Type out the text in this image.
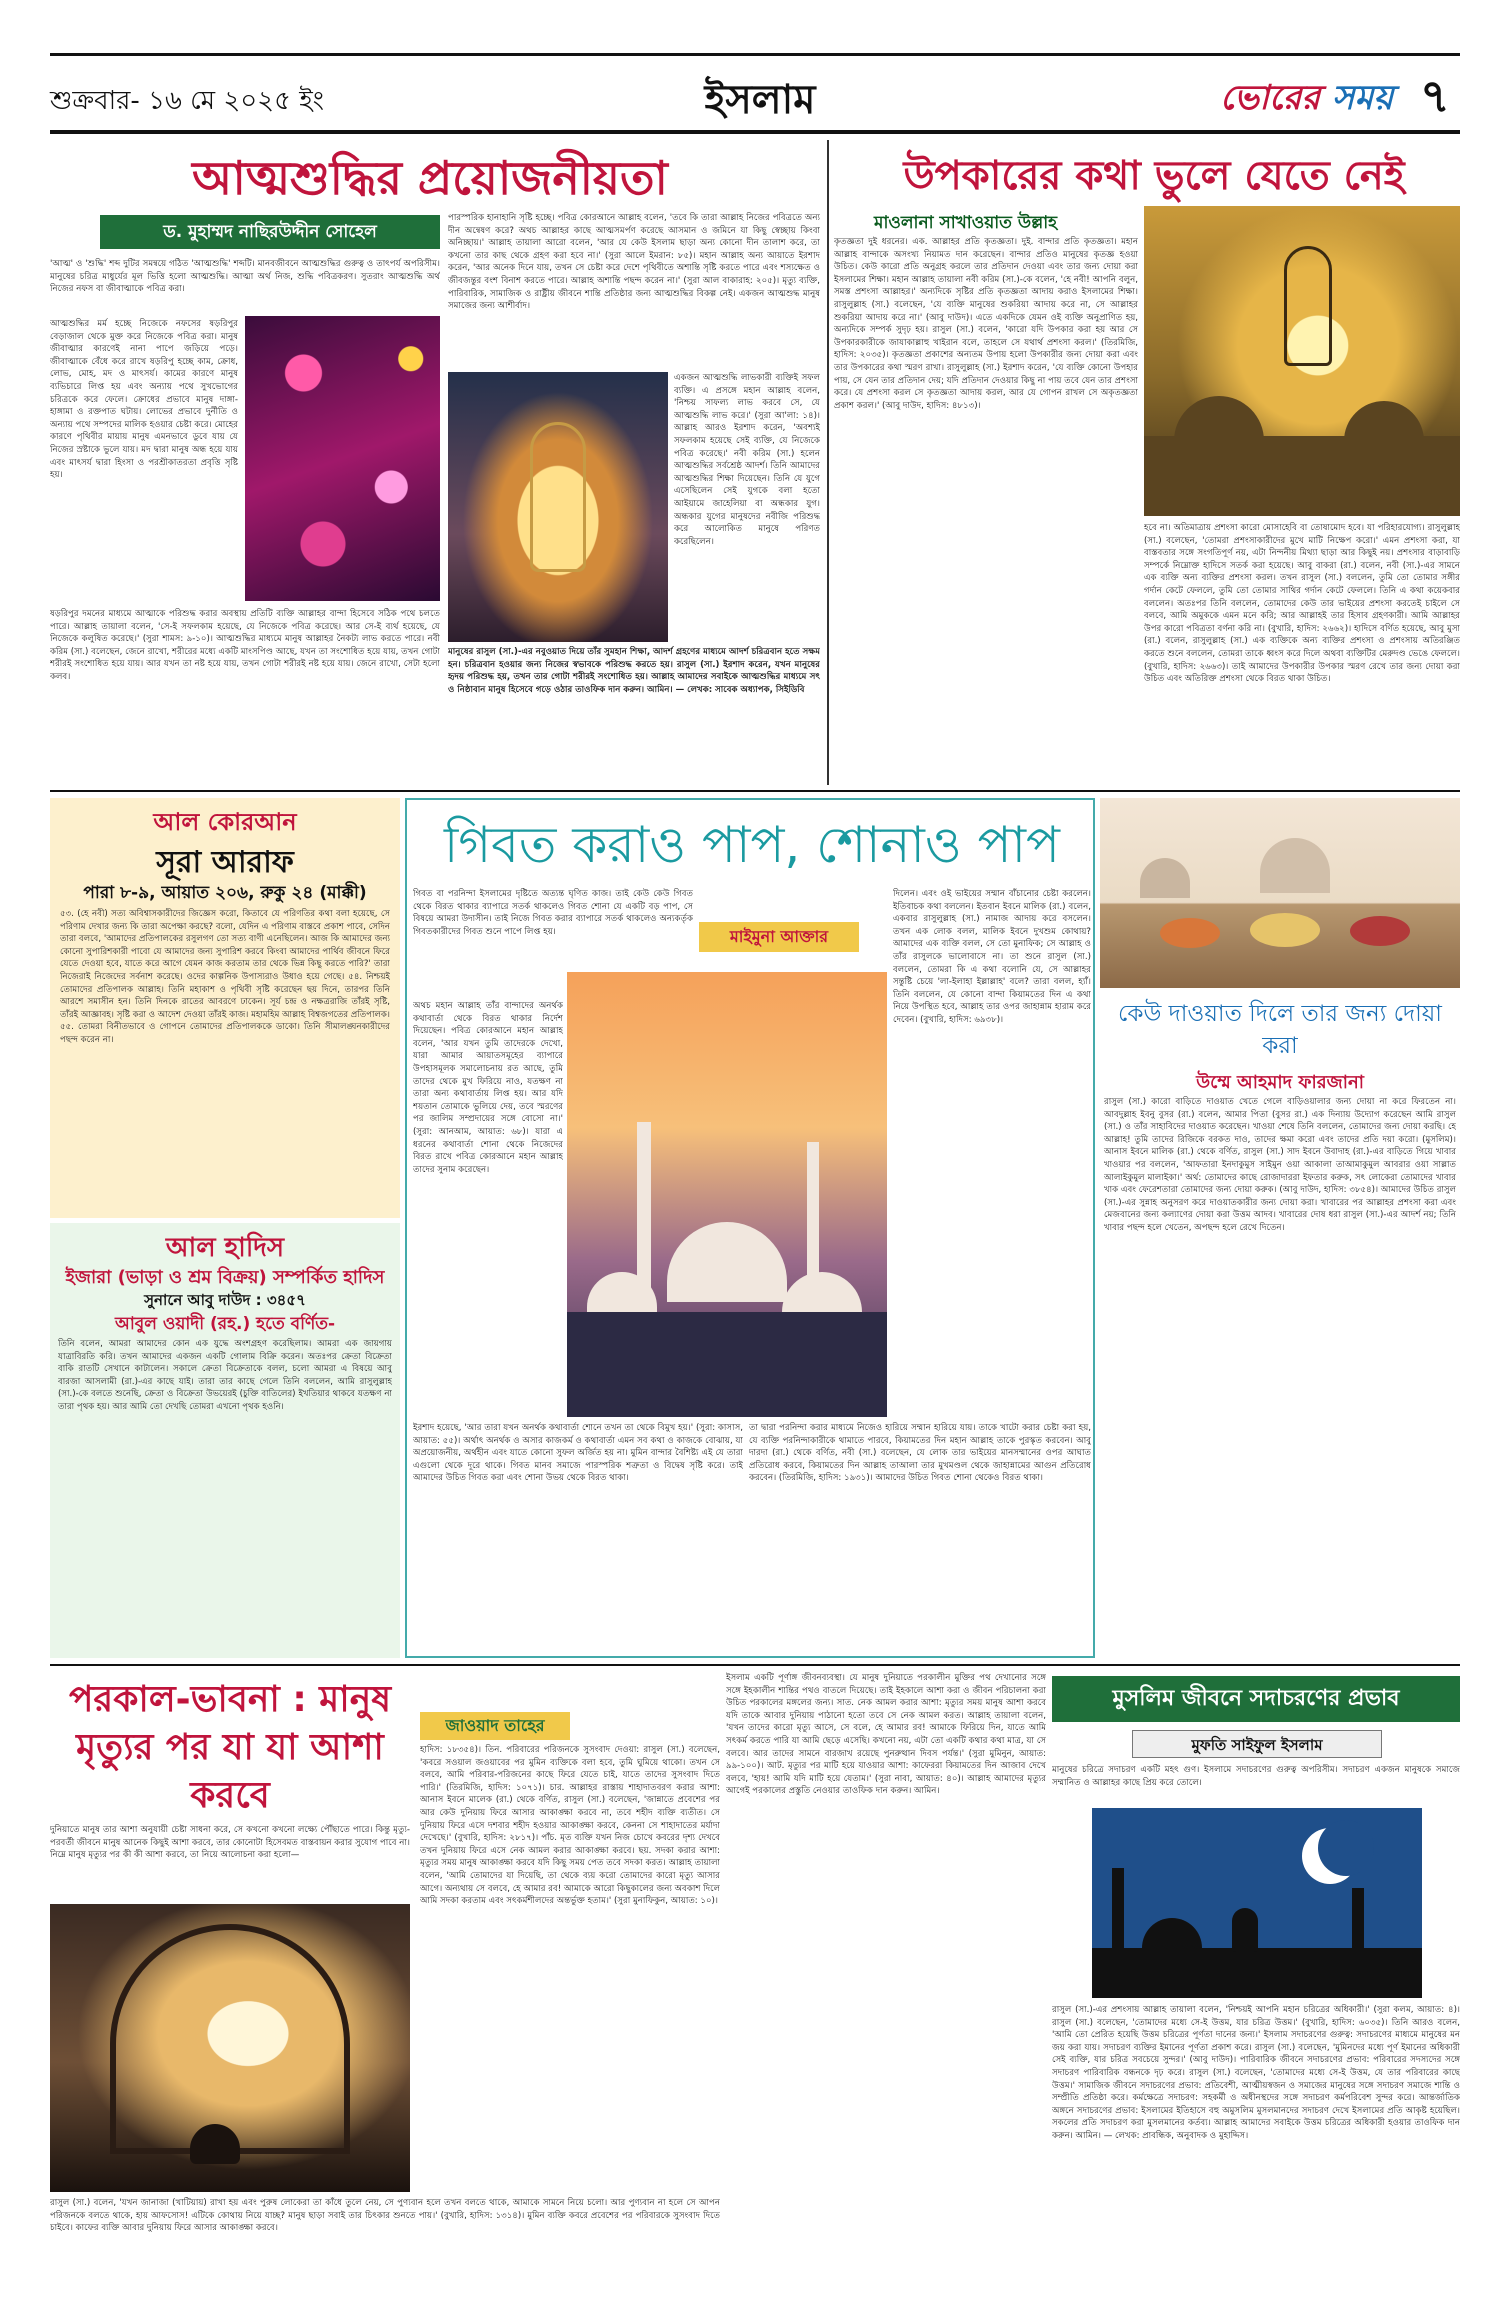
শুক্রবার- ১৬ মে ২০২৫ ইং	ইসলাম	ভোরের সময় ৭
আত্মশুদ্ধির প্রয়োজনীয়তা
ড. মুহাম্মদ নাছিরউদ্দীন সোহেল
'আত্ম' ও 'শুদ্ধি' শব্দ দুটির সমন্বয়ে গঠিত 'আত্মশুদ্ধি' শব্দটি। মানবজীবনে আত্মশুদ্ধির গুরুত্ব ও তাৎপর্য অপরিসীম। মানুষের চরিত্র মাধুর্যের মূল ভিত্তি হলো আত্মশুদ্ধি। আত্মা অর্থ নিজ, শুদ্ধি পবিত্রকরণ। সুতরাং আত্মশুদ্ধি অর্থ নিজের নফস বা জীবাত্মাকে পবিত্র করা।
আত্মশুদ্ধির মর্ম হচ্ছে নিজেকে নফসের ষড়রিপুর বেড়াজাল থেকে মুক্ত করে নিজেকে পবিত্র করা। মানুষ জীবাত্মার কারণেই নানা পাপে জড়িয়ে পড়ে। জীবাত্মাকে বেঁধে করে রাখে ষড়রিপু হচ্ছে কাম, ক্রোধ, লোভ, মোহ, মদ ও মাৎসর্য। কামের কারণে মানুষ ব্যভিচারে লিপ্ত হয় এবং অন্যায় পথে সুখভোগের চরিত্রকে করে ফেলে। ক্রোধের প্রভাবে মানুষ দাঙ্গা-হাঙ্গামা ও রক্তপাত ঘটায়। লোভের প্রভাবে দুর্নীতি ও অন্যায় পথে সম্পদের মালিক হওয়ার চেষ্টা করে। মোহের কারণে পৃথিবীর মায়ায় মানুষ এমনভাবে ডুবে যায় যে নিজের স্রষ্টাকে ভুলে যায়। মদ দ্বারা মানুষ অন্ধ হয়ে যায় এবং মাৎসর্য দ্বারা হিংসা ও পরশ্রীকাতরতা প্রবৃত্তি সৃষ্টি হয়।
ষড়রিপুর দমনের মাধ্যমে আত্মাকে পরিশুদ্ধ করার অবস্থায় প্রতিটি ব্যক্তি আল্লাহর বান্দা হিসেবে সঠিক পথে চলতে পারে। আল্লাহ তায়ালা বলেন, 'সে-ই সফলকাম হয়েছে, যে নিজেকে পবিত্র করেছে। আর সে-ই ব্যর্থ হয়েছে, যে নিজেকে কলুষিত করেছে।' (সুরা শামস: ৯-১০)। আত্মশুদ্ধির মাধ্যমে মানুষ আল্লাহর নৈকট্য লাভ করতে পারে। নবী করিম (সা.) বলেছেন, জেনে রাখো, শরীরের মধ্যে একটি মাংসপিণ্ড আছে, যখন তা সংশোধিত হয়ে যায়, তখন গোটা শরীরই সংশোধিত হয়ে যায়। আর যখন তা নষ্ট হয়ে যায়, তখন গোটা শরীরই নষ্ট হয়ে যায়। জেনে রাখো, সেটা হলো কলব।
পারস্পরিক হানাহানি সৃষ্টি হচ্ছে। পবিত্র কোরআনে আল্লাহ বলেন, 'তবে কি তারা আল্লাহ নিজের পবিত্রতে অন্য দীন অন্বেষণ করে? অথচ আল্লাহর কাছে আত্মসমর্পণ করেছে আসমান ও জমিনে যা কিছু স্বেচ্ছায় কিংবা অনিচ্ছায়।' আল্লাহ তায়ালা আরো বলেন, 'আর যে কেউ ইসলাম ছাড়া অন্য কোনো দীন তালাশ করে, তা কখনো তার কাছ থেকে গ্রহণ করা হবে না।' (সুরা আলে ইমরান: ৮৫)। মহান আল্লাহ অন্য আয়াতে ইরশাদ করেন, 'আর অনেক দিনে যায়, তখন সে চেষ্টা করে দেশে পৃথিবীতে অশান্তি সৃষ্টি করতে পারে এবং শস্যক্ষেত ও জীবজন্তুর বংশ বিনাশ করতে পারে। আল্লাহ অশান্তি পছন্দ করেন না।' (সুরা আল বাকারাহ: ২০৫)। মৃত্যু ব্যক্তি, পারিবারিক, সামাজিক ও রাষ্ট্রীয় জীবনে শান্তি প্রতিষ্ঠার জন্য আত্মশুদ্ধির বিকল্প নেই। একজন আত্মশুদ্ধ মানুষ সমাজের জন্য আশীর্বাদ।
একজন আত্মশুদ্ধি লাভকারী ব্যক্তিই সফল ব্যক্তি। এ প্রসঙ্গে মহান আল্লাহ বলেন, 'নিশ্চয় সাফল্য লাভ করবে সে, যে আত্মশুদ্ধি লাভ করে।' (সুরা আ'লা: ১৪)। আল্লাহ আরও ইরশাদ করেন, 'অবশ্যই সফলকাম হয়েছে সেই ব্যক্তি, যে নিজেকে পবিত্র করেছে।' নবী করিম (সা.) হলেন আত্মশুদ্ধির সর্বশ্রেষ্ঠ আদর্শ। তিনি আমাদের আত্মশুদ্ধির শিক্ষা দিয়েছেন। তিনি যে যুগে এসেছিলেন সেই যুগকে বলা হতো আইয়ামে জাহেলিয়া বা অন্ধকার যুগ। অন্ধকার যুগের মানুষদের নবীজি পরিশুদ্ধ করে আলোকিত মানুষে পরিণত করেছিলেন।
মানুষের রাসুল (সা.)-এর নবুওয়াত দিয়ে তাঁর সুমহান শিক্ষা, আদর্শ গ্রহণের মাধ্যমে আদর্শ চরিত্রবান হতে সক্ষম হন। চরিত্রবান হওয়ার জন্য নিজের স্বভাবকে পরিশুদ্ধ করতে হয়। রাসুল (সা.) ইরশাদ করেন, যখন মানুষের হৃদয় পরিশুদ্ধ হয়, তখন তার গোটা শরীরই সংশোধিত হয়। আল্লাহ আমাদের সবাইকে আত্মশুদ্ধির মাধ্যমে সৎ ও নিষ্ঠাবান মানুষ হিসেবে গড়ে ওঠার তাওফিক দান করুন। আমিন। — লেখক: সাবেক অধ্যাপক, সিইডিবি
উপকারের কথা ভুলে যেতে নেই
মাওলানা সাখাওয়াত উল্লাহ
কৃতজ্ঞতা দুই ধরনের। এক. আল্লাহর প্রতি কৃতজ্ঞতা। দুই. বান্দার প্রতি কৃতজ্ঞতা। মহান আল্লাহ বান্দাকে অসংখ্য নিয়ামত দান করেছেন। বান্দার প্রতিও মানুষের কৃতজ্ঞ হওয়া উচিত। কেউ কারো প্রতি অনুগ্রহ করলে তার প্রতিদান দেওয়া এবং তার জন্য দোয়া করা ইসলামের শিক্ষা। মহান আল্লাহ তায়ালা নবী করিম (সা.)-কে বলেন, 'হে নবী! আপনি বলুন, সমস্ত প্রশংসা আল্লাহর।' অন্যদিকে সৃষ্টির প্রতি কৃতজ্ঞতা আদায় করাও ইসলামের শিক্ষা। রাসুলুল্লাহ (সা.) বলেছেন, 'যে ব্যক্তি মানুষের শুকরিয়া আদায় করে না, সে আল্লাহর শুকরিয়া আদায় করে না।' (আবু দাউদ)। এতে একদিকে যেমন ওই ব্যক্তি অনুপ্রাণিত হয়, অন্যদিকে সম্পর্ক সুদৃঢ় হয়। রাসুল (সা.) বলেন, 'কারো যদি উপকার করা হয় আর সে উপকারকারীকে জাযাকাল্লাহু খাইরান বলে, তাহলে সে যথার্থ প্রশংসা করল।' (তিরমিজি, হাদিস: ২০৩৫)। কৃতজ্ঞতা প্রকাশের অন্যতম উপায় হলো উপকারীর জন্য দোয়া করা এবং তার উপকারের কথা স্মরণ রাখা। রাসুলুল্লাহ (সা.) ইরশাদ করেন, 'যে ব্যক্তি কোনো উপহার পায়, সে যেন তার প্রতিদান দেয়; যদি প্রতিদান দেওয়ার কিছু না পায় তবে যেন তার প্রশংসা করে। যে প্রশংসা করল সে কৃতজ্ঞতা আদায় করল, আর যে গোপন রাখল সে অকৃতজ্ঞতা প্রকাশ করল।' (আবু দাউদ, হাদিস: ৪৮১৩)।
হবে না। অতিমাত্রায় প্রশংসা কারো মোসাহেবি বা তোষামোদ হবে। যা পরিহারযোগ্য। রাসুলুল্লাহ (সা.) বলেছেন, 'তোমরা প্রশংসাকারীদের মুখে মাটি নিক্ষেপ করো।' এমন প্রশংসা করা, যা বাস্তবতার সঙ্গে সংগতিপূর্ণ নয়, এটা নিন্দনীয় মিথ্যা ছাড়া আর কিছুই নয়। প্রশংসার বাড়াবাড়ি সম্পর্কে নিম্নোক্ত হাদিসে সতর্ক করা হয়েছে। আবু বাকরা (রা.) বলেন, নবী (সা.)-এর সামনে এক ব্যক্তি অন্য ব্যক্তির প্রশংসা করল। তখন রাসুল (সা.) বললেন, তুমি তো তোমার সঙ্গীর গর্দান কেটে ফেললে, তুমি তো তোমার সাথির গর্দান কেটে ফেললে। তিনি এ কথা কয়েকবার বললেন। অতঃপর তিনি বললেন, তোমাদের কেউ তার ভাইয়ের প্রশংসা করতেই চাইলে সে বলবে, আমি অমুককে এমন মনে করি; আর আল্লাহই তার হিসাব গ্রহণকারী। আমি আল্লাহর উপর কারো পবিত্রতা বর্ণনা করি না। (বুখারি, হাদিস: ২৬৬২)। হাদিসে বর্ণিত হয়েছে, আবু মুসা (রা.) বলেন, রাসুলুল্লাহ (সা.) এক ব্যক্তিকে অন্য ব্যক্তির প্রশংসা ও প্রশংসায় অতিরঞ্জিত করতে শুনে বললেন, তোমরা তাকে ধ্বংস করে দিলে অথবা ব্যক্তিটির মেরুদণ্ড ভেঙে ফেললে। (বুখারি, হাদিস: ২৬৬৩)। তাই আমাদের উপকারীর উপকার স্মরণ রেখে তার জন্য দোয়া করা উচিত এবং অতিরিক্ত প্রশংসা থেকে বিরত থাকা উচিত।
আল কোরআন
সূরা আরাফ
পারা ৮-৯, আয়াত ২০৬, রুকু ২৪ (মাক্কী)
৫৩. (হে নবী) সত্য অবিশ্বাসকারীদের জিজ্ঞেস করো, কিতাবে যে পরিণতির কথা বলা হয়েছে, সে পরিণাম দেখার জন্য কি তারা অপেক্ষা করছে? বলো, যেদিন এ পরিণাম বাস্তবে প্রকাশ পাবে, সেদিন তারা বলবে, 'আমাদের প্রতিপালকের রসুলগণ তো সত্য বাণী এনেছিলেন। আজ কি আমাদের জন্য কোনো সুপারিশকারী পাবো যে আমাদের জন্য সুপারিশ করবে কিংবা আমাদের পার্থিব জীবনে ফিরে যেতে দেওয়া হবে, যাতে করে আগে যেমন কাজ করতাম তার থেকে ভিন্ন কিছু করতে পারি?' তারা নিজেরাই নিজেদের সর্বনাশ করেছে। ওদের কাল্পনিক উপাস্যরাও উধাও হয়ে গেছে। ৫৪. নিশ্চয়ই তোমাদের প্রতিপালক আল্লাহ। তিনি মহাকাশ ও পৃথিবী সৃষ্টি করেছেন ছয় দিনে, তারপর তিনি আরশে সমাসীন হন। তিনি দিনকে রাতের আবরণে ঢাকেন। সূর্য চন্দ্র ও নক্ষত্ররাজি তাঁরই সৃষ্টি, তাঁরই আজ্ঞাবহ। সৃষ্টি করা ও আদেশ দেওয়া তাঁরই কাজ। মহামহিম আল্লাহ বিশ্বজগতের প্রতিপালক। ৫৫. তোমরা বিনীতভাবে ও গোপনে তোমাদের প্রতিপালককে ডাকো। তিনি সীমালঙ্ঘনকারীদের পছন্দ করেন না।
আল হাদিস
ইজারা (ভাড়া ও শ্রম বিক্রয়) সম্পর্কিত হাদিস
সুনানে আবু দাউদ : ৩৪৫৭
আবুল ওয়াদী (রহ.) হতে বর্ণিত-
তিনি বলেন, আমরা আমাদের কোন এক যুদ্ধে অংশগ্রহণ করেছিলাম। আমরা এক জায়গায় যাত্রাবিরতি করি। তখন আমাদের একজন একটি গোলাম বিক্রি করেন। অতঃপর ক্রেতা বিক্রেতা বাকি রাতটি সেখানে কাটালেন। সকালে ক্রেতা বিক্রেতাকে বলল, চলো আমরা এ বিষয়ে আবু বারজা আসলামী (রা.)-এর কাছে যাই। তারা তার কাছে গেলে তিনি বললেন, আমি রাসুলুল্লাহ (সা.)-কে বলতে শুনেছি, ক্রেতা ও বিক্রেতা উভয়েরই (চুক্তি বাতিলের) ইখতিয়ার থাকবে যতক্ষণ না তারা পৃথক হয়। আর আমি তো দেখছি তোমরা এখনো পৃথক হওনি।
গিবত করাও পাপ, শোনাও পাপ
গিবত বা পরনিন্দা ইসলামের দৃষ্টিতে অত্যন্ত ঘৃণিত কাজ। তাই কেউ কেউ গিবত থেকে বিরত থাকার ব্যাপারে সতর্ক থাকলেও গিবত শোনা যে একটি বড় পাপ, সে বিষয়ে আমরা উদাসীন। তাই নিজে গিবত করার ব্যাপারে সতর্ক থাকলেও অন্যকর্তৃক গিবতকারীদের গিবত শুনে পাপে লিপ্ত হয়।	মাইমুনা আক্তার
অথচ মহান আল্লাহ তাঁর বান্দাদের অনর্থক কথাবার্তা থেকে বিরত থাকার নির্দেশ দিয়েছেন। পবিত্র কোরআনে মহান আল্লাহ বলেন, 'আর যখন তুমি তাদেরকে দেখো, যারা আমার আয়াতসমূহের ব্যাপারে উপহাসমূলক সমালোচনায় রত আছে, তুমি তাদের থেকে মুখ ফিরিয়ে নাও, যতক্ষণ না তারা অন্য কথাবার্তায় লিপ্ত হয়। আর যদি শয়তান তোমাকে ভুলিয়ে দেয়, তবে স্মরণের পর জালিম সম্প্রদায়ের সঙ্গে বোসো না।' (সুরা: আনআম, আয়াত: ৬৮)। যারা এ ধরনের কথাবার্তা শোনা থেকে নিজেদের বিরত রাখে পবিত্র কোরআনে মহান আল্লাহ তাদের সুনাম করেছেন।
দিলেন। এবং ওই ভাইয়ের সম্মান বাঁচানোর চেষ্টা করলেন। ইতিবাচক কথা বললেন। ইতবান ইবনে মালিক (রা.) বলেন, একবার রাসুলুল্লাহ (সা.) নামাজ আদায় করে বসলেন। তখন এক লোক বলল, মালিক ইবনে দুখশুম কোথায়? আমাদের এক ব্যক্তি বলল, সে তো মুনাফিক; সে আল্লাহ ও তাঁর রাসুলকে ভালোবাসে না। তা শুনে রাসুল (সা.) বললেন, তোমরা কি এ কথা বলোনি যে, সে আল্লাহর সন্তুষ্টি চেয়ে 'লা-ইলাহা ইল্লাল্লাহ' বলে? তারা বলল, হ্যাঁ। তিনি বললেন, যে কোনো বান্দা কিয়ামতের দিন এ কথা নিয়ে উপস্থিত হবে, আল্লাহ তার ওপর জাহান্নাম হারাম করে দেবেন। (বুখারি, হাদিস: ৬৯৩৮)।
ইরশাদ হয়েছে, 'আর তারা যখন অনর্থক কথাবার্তা শোনে তখন তা থেকে বিমুখ হয়।' (সুরা: কাসাস, আয়াত: ৫৫)। অর্থাৎ অনর্থক ও অসার কাজকর্ম ও কথাবার্তা এমন সব কথা ও কাজকে বোঝায়, যা অপ্রয়োজনীয়, অর্থহীন এবং যাতে কোনো সুফল অর্জিত হয় না। মুমিন বান্দার বৈশিষ্ট্য এই যে তারা এগুলো থেকে দূরে থাকে। গিবত মানব সমাজে পারস্পরিক শত্রুতা ও বিদ্বেষ সৃষ্টি করে। তাই আমাদের উচিত গিবত করা এবং শোনা উভয় থেকে বিরত থাকা।
তা দ্বারা পরনিন্দা করার মাধ্যমে নিজেও হারিয়ে সম্মান হারিয়ে যায়। তাকে খাটো করার চেষ্টা করা হয়, যে ব্যক্তি পরনিন্দাকারীকে থামাতে পারবে, কিয়ামতের দিন মহান আল্লাহ তাকে পুরস্কৃত করবেন। আবু দারদা (রা.) থেকে বর্ণিত, নবী (সা.) বলেছেন, যে লোক তার ভাইয়ের মানসম্মানের ওপর আঘাত প্রতিরোধ করবে, কিয়ামতের দিন আল্লাহ তাআলা তার মুখমণ্ডল থেকে জাহান্নামের আগুন প্রতিরোধ করবেন। (তিরমিজি, হাদিস: ১৯৩১)। আমাদের উচিত গিবত শোনা থেকেও বিরত থাকা।
কেউ দাওয়াত দিলে তার জন্য দোয়া করা
উম্মে আহমাদ ফারজানা
রাসুল (সা.) কারো বাড়িতে দাওয়াত খেতে গেলে বাড়িওয়ালার জন্য দোয়া না করে ফিরতেন না। আবদুল্লাহ ইবনু বুসর (রা.) বলেন, আমার পিতা (বুসর রা.) এক দিন্যায় উদ্যোগ করেছেন আমি রাসুল (সা.) ও তাঁর সাহাবিদের দাওয়াত করেছেন। খাওয়া শেষে তিনি বললেন, তোমাদের জন্য দোয়া করছি। হে আল্লাহ! তুমি তাদের রিজিকে বরকত দাও, তাদের ক্ষমা করো এবং তাদের প্রতি দয়া করো। (মুসলিম)। আনাস ইবনে মালিক (রা.) থেকে বর্ণিত, রাসুল (সা.) সাদ ইবনে উবাদাহ (রা.)-এর বাড়িতে গিয়ে খাবার খাওয়ার পর বললেন, 'আফতারা ইনদাকুমুস সাইমুন ওয়া আকালা তাআমাকুমুল আবরার ওয়া সাল্লাত আলাইকুমুল মালাইকা।' অর্থ: তোমাদের কাছে রোজাদাররা ইফতার করুক, সৎ লোকেরা তোমাদের খাবার খাক এবং ফেরেশতারা তোমাদের জন্য দোয়া করুক। (আবু দাউদ, হাদিস: ৩৮৫৪)। আমাদের উচিত রাসুল (সা.)-এর সুন্নাহ অনুসরণ করে দাওয়াতকারীর জন্য দোয়া করা। খাবারের পর আল্লাহর প্রশংসা করা এবং মেজবানের জন্য কল্যাণের দোয়া করা উত্তম আদব। খাবারের দোষ ধরা রাসুল (সা.)-এর আদর্শ নয়; তিনি খাবার পছন্দ হলে খেতেন, অপছন্দ হলে রেখে দিতেন।
পরকাল-ভাবনা : মানুষ মৃত্যুর পর যা যা আশা করবে
দুনিয়াতে মানুষ তার আশা অনুযায়ী চেষ্টা সাধনা করে, সে কখনো কখনো লক্ষ্যে পৌঁছাতে পারে। কিন্তু মৃত্যু-পরবর্তী জীবনে মানুষ আনেক কিছুই আশা করবে, তার কোনোটা হিসেবমত বাস্তবায়ন করার সুযোগ পাবে না। নিম্নে মানুষ মৃত্যুর পর কী কী আশা করবে, তা নিয়ে আলোচনা করা হলো—
রাসুল (সা.) বলেন, 'যখন জানাজা (খাটিয়ায়) রাখা হয় এবং পুরুষ লোকেরা তা কাঁধে তুলে নেয়, সে পুণ্যবান হলে তখন বলতে থাকে, আমাকে সামনে নিয়ে চলো। আর পুণ্যবান না হলে সে আপন পরিজনকে বলতে থাকে, হায় আফসোস! এটিকে কোথায় নিয়ে যাচ্ছ? মানুষ ছাড়া সবাই তার চিৎকার শুনতে পায়।' (বুখারি, হাদিস: ১৩১৪)। মুমিন ব্যক্তি কবরে প্রবেশের পর পরিবারকে সুসংবাদ দিতে চাইবে। কাফের ব্যক্তি আবার দুনিয়ায় ফিরে আসার আকাঙ্ক্ষা করবে।
জাওয়াদ তাহের
হাদিস: ১৮৩৫৪)। তিন. পরিবারের পরিজনকে সুসংবাদ দেওয়া: রাসুল (সা.) বলেছেন, 'কবরে সওয়াল জওয়াবের পর মুমিন ব্যক্তিকে বলা হবে, তুমি ঘুমিয়ে থাকো। তখন সে বলবে, আমি পরিবার-পরিজনের কাছে ফিরে যেতে চাই, যাতে তাদের সুসংবাদ দিতে পারি।' (তিরমিজি, হাদিস: ১০৭১)। চার. আল্লাহর রাস্তায় শাহাদাতবরণ করার আশা: আনাস ইবনে মালেক (রা.) থেকে বর্ণিত, রাসুল (সা.) বলেছেন, 'জান্নাতে প্রবেশের পর আর কেউ দুনিয়ায় ফিরে আসার আকাঙ্ক্ষা করবে না, তবে শহীদ ব্যক্তি ব্যতীত। সে দুনিয়ায় ফিরে এসে দশবার শহীদ হওয়ার আকাঙ্ক্ষা করবে, কেননা সে শাহাদাতের মর্যাদা দেখেছে।' (বুখারি, হাদিস: ২৮১৭)। পাঁচ. মৃত ব্যক্তি যখন নিজ চোখে কবরের দৃশ্য দেখবে তখন দুনিয়ায় ফিরে এসে নেক আমল করার আকাঙ্ক্ষা করবে। ছয়. সদকা করার আশা: মৃত্যুর সময় মানুষ আকাঙ্ক্ষা করবে যদি কিছু সময় পেত তবে সদকা করত। আল্লাহ তায়ালা বলেন, 'আমি তোমাদের যা দিয়েছি, তা থেকে ব্যয় করো তোমাদের কারো মৃত্যু আসার আগে। অন্যথায় সে বলবে, হে আমার রব! আমাকে আরো কিছুকালের জন্য অবকাশ দিলে আমি সদকা করতাম এবং সৎকর্মশীলদের অন্তর্ভুক্ত হতাম।' (সুরা মুনাফিকুন, আয়াত: ১০)।
ইসলাম একটি পূর্ণাঙ্গ জীবনব্যবস্থা। যে মানুষ দুনিয়াতে পরকালীন মুক্তির পথ দেখানোর সঙ্গে সঙ্গে ইহকালীন শান্তির পথও বাতলে দিয়েছে। তাই ইহকালে আশা করা ও জীবন পরিচালনা করা উচিত পরকালের মঙ্গলের জন্য। সাত. নেক আমল করার আশা: মৃত্যুর সময় মানুষ আশা করবে যদি তাকে আবার দুনিয়ায় পাঠানো হতো তবে সে নেক আমল করত। আল্লাহ তায়ালা বলেন, 'যখন তাদের কারো মৃত্যু আসে, সে বলে, হে আমার রব! আমাকে ফিরিয়ে দিন, যাতে আমি সৎকর্ম করতে পারি যা আমি ছেড়ে এসেছি। কখনো নয়, এটা তো একটি কথার কথা মাত্র, যা সে বলবে। আর তাদের সামনে বারজাখ রয়েছে পুনরুত্থান দিবস পর্যন্ত।' (সুরা মুমিনুন, আয়াত: ৯৯-১০০)। আট. মৃত্যুর পর মাটি হয়ে যাওয়ার আশা: কাফেররা কিয়ামতের দিন আজাব দেখে বলবে, 'হায়! আমি যদি মাটি হয়ে যেতাম।' (সুরা নাবা, আয়াত: ৪০)। আল্লাহ আমাদের মৃত্যুর আগেই পরকালের প্রস্তুতি নেওয়ার তাওফিক দান করুন। আমিন।
মুসলিম জীবনে সদাচরণের প্রভাব
মুফতি সাইফুল ইসলাম
মানুষের চরিত্রে সদাচরণ একটি মহৎ গুণ। ইসলামে সদাচরণের গুরুত্ব অপরিসীম। সদাচরণ একজন মানুষকে সমাজে সম্মানিত ও আল্লাহর কাছে প্রিয় করে তোলে।
রাসুল (সা.)-এর প্রশংসায় আল্লাহ তায়ালা বলেন, 'নিশ্চয়ই আপনি মহান চরিত্রের অধিকারী।' (সুরা কলম, আয়াত: ৪)। রাসুল (সা.) বলেছেন, 'তোমাদের মধ্যে সে-ই উত্তম, যার চরিত্র উত্তম।' (বুখারি, হাদিস: ৬০৩৫)। তিনি আরও বলেন, 'আমি তো প্রেরিত হয়েছি উত্তম চরিত্রের পূর্ণতা দানের জন্য।' ইসলাম সদাচরণের গুরুত্ব: সদাচরণের মাধ্যমে মানুষের মন জয় করা যায়। সদাচরণ ব্যক্তির ইমানের পূর্ণতা প্রকাশ করে। রাসুল (সা.) বলেছেন, 'মুমিনদের মধ্যে পূর্ণ ইমানের অধিকারী সেই ব্যক্তি, যার চরিত্র সবচেয়ে সুন্দর।' (আবু দাউদ)। পারিবারিক জীবনে সদাচরণের প্রভাব: পরিবারের সদস্যদের সঙ্গে সদাচরণ পারিবারিক বন্ধনকে দৃঢ় করে। রাসুল (সা.) বলেছেন, 'তোমাদের মধ্যে সে-ই উত্তম, যে তার পরিবারের কাছে উত্তম।' সামাজিক জীবনে সদাচরণের প্রভাব: প্রতিবেশী, আত্মীয়স্বজন ও সমাজের মানুষের সঙ্গে সদাচরণ সমাজে শান্তি ও সম্প্রীতি প্রতিষ্ঠা করে। কর্মক্ষেত্রে সদাচরণ: সহকর্মী ও অধীনস্থদের সঙ্গে সদাচরণ কর্মপরিবেশ সুন্দর করে। আন্তর্জাতিক অঙ্গনে সদাচরণের প্রভাব: ইসলামের ইতিহাসে বহু অমুসলিম মুসলমানদের সদাচরণ দেখে ইসলামের প্রতি আকৃষ্ট হয়েছিল। সকলের প্রতি সদাচরণ করা মুসলমানের কর্তব্য। আল্লাহ আমাদের সবাইকে উত্তম চরিত্রের অধিকারী হওয়ার তাওফিক দান করুন। আমিন। — লেখক: প্রাবন্ধিক, অনুবাদক ও মুহাদ্দিস।
